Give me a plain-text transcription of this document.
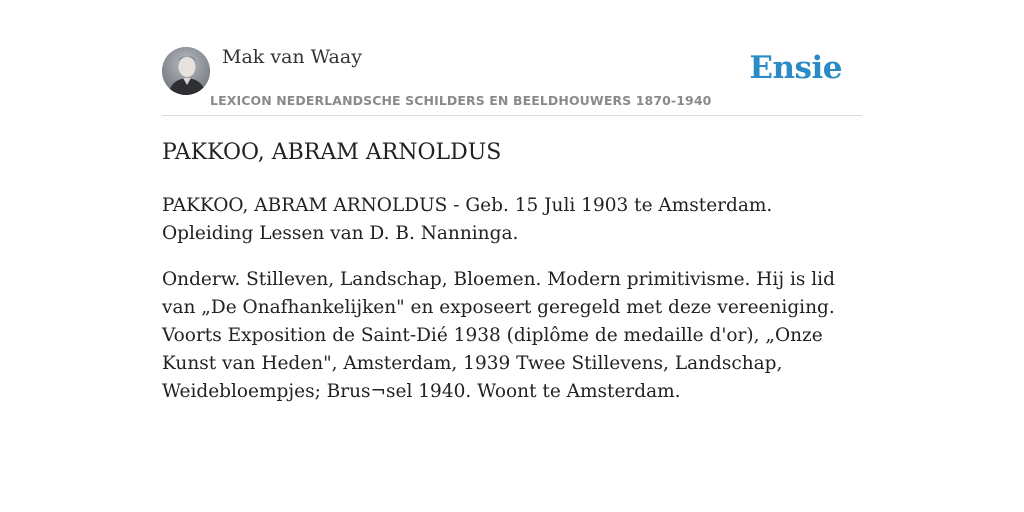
Mak van Waay
LEXICON NEDERLANDSCHE SCHILDERS EN BEELDHOUWERS 1870-1940
Ensie
PAKKOO, ABRAM ARNOLDUS

PAKKOO, ABRAM ARNOLDUS - Geb. 15 Juli 1903 te Amsterdam. Opleiding Lessen van D. B. Nanninga.

Onderw. Stilleven, Landschap, Bloemen. Modern primitivisme. Hij is lid van „De Onafhankelijken" en exposeert geregeld met deze vereeniging. Voorts Exposition de Saint-Dié 1938 (diplôme de medaille d'or), „Onze Kunst van Heden", Amsterdam, 1939 Twee Stillevens, Landschap, Weidebloempjes; Brus¬sel 1940. Woont te Amsterdam.
